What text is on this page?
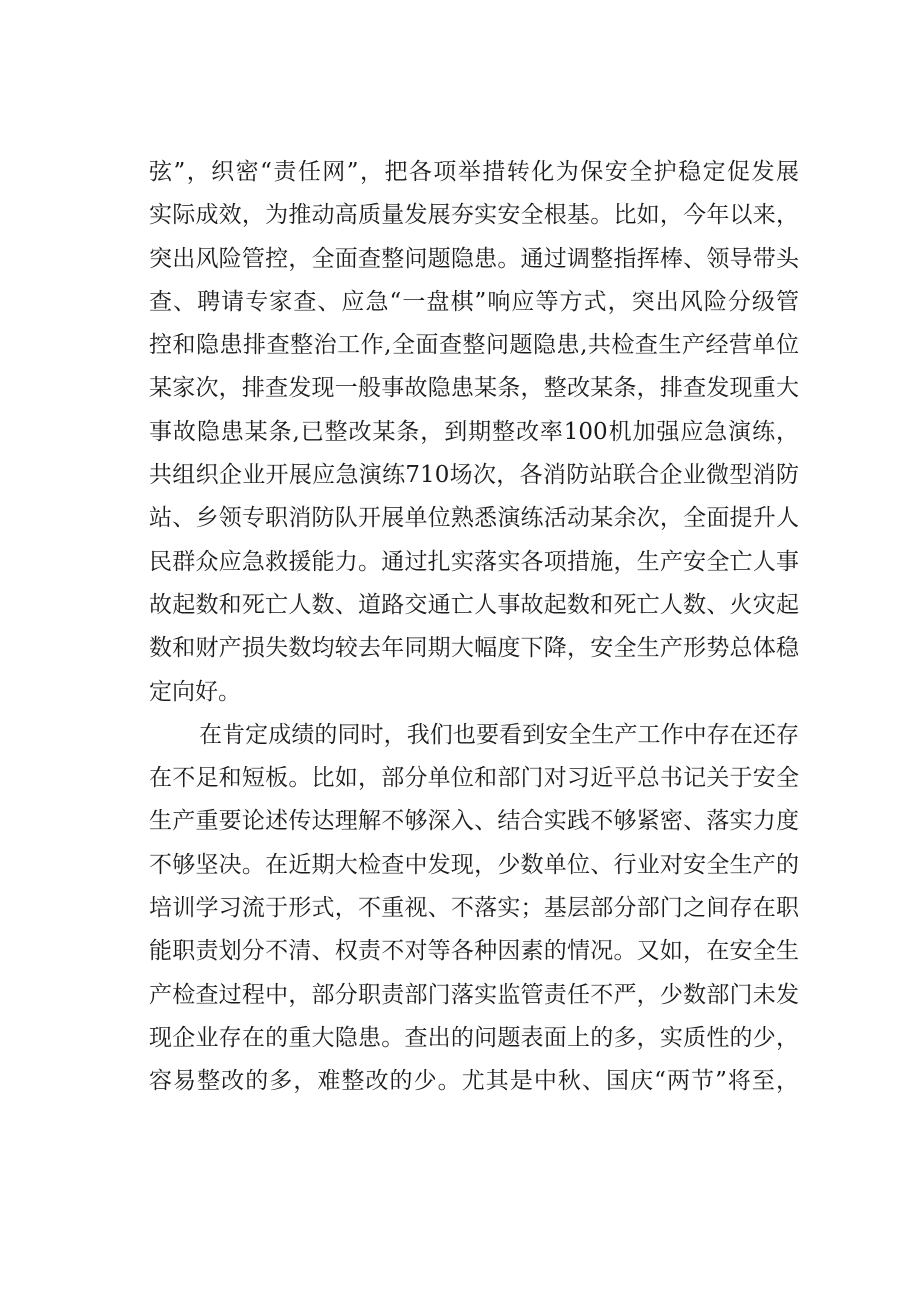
弦”，织密“责任网”，把各项举措转化为保安全护稳定促发展
实际成效，为推动高质量发展夯实安全根基。比如，今年以来，
突出风险管控，全面查整问题隐患。通过调整指挥棒、领导带头
查、聘请专家查、应急“一盘棋”响应等方式，突出风险分级管
控和隐患排查整治工作,全面查整问题隐患,共检查生产经营单位
某家次，排查发现一般事故隐患某条，整改某条，排查发现重大
事故隐患某条,已整改某条，到期整改率100机加强应急演练，
共组织企业开展应急演练710场次，各消防站联合企业微型消防
站、乡领专职消防队开展单位熟悉演练活动某余次，全面提升人
民群众应急救援能力。通过扎实落实各项措施，生产安全亡人事
故起数和死亡人数、道路交通亡人事故起数和死亡人数、火灾起
数和财产损失数均较去年同期大幅度下降，安全生产形势总体稳
定向好。
在肯定成绩的同时，我们也要看到安全生产工作中存在还存
在不足和短板。比如，部分单位和部门对习近平总书记关于安全
生产重要论述传达理解不够深入、结合实践不够紧密、落实力度
不够坚决。在近期大检查中发现，少数单位、行业对安全生产的
培训学习流于形式，不重视、不落实；基层部分部门之间存在职
能职责划分不清、权责不对等各种因素的情况。又如，在安全生
产检查过程中，部分职责部门落实监管责任不严，少数部门未发
现企业存在的重大隐患。查出的问题表面上的多，实质性的少，
容易整改的多，难整改的少。尤其是中秋、国庆“两节”将至，
